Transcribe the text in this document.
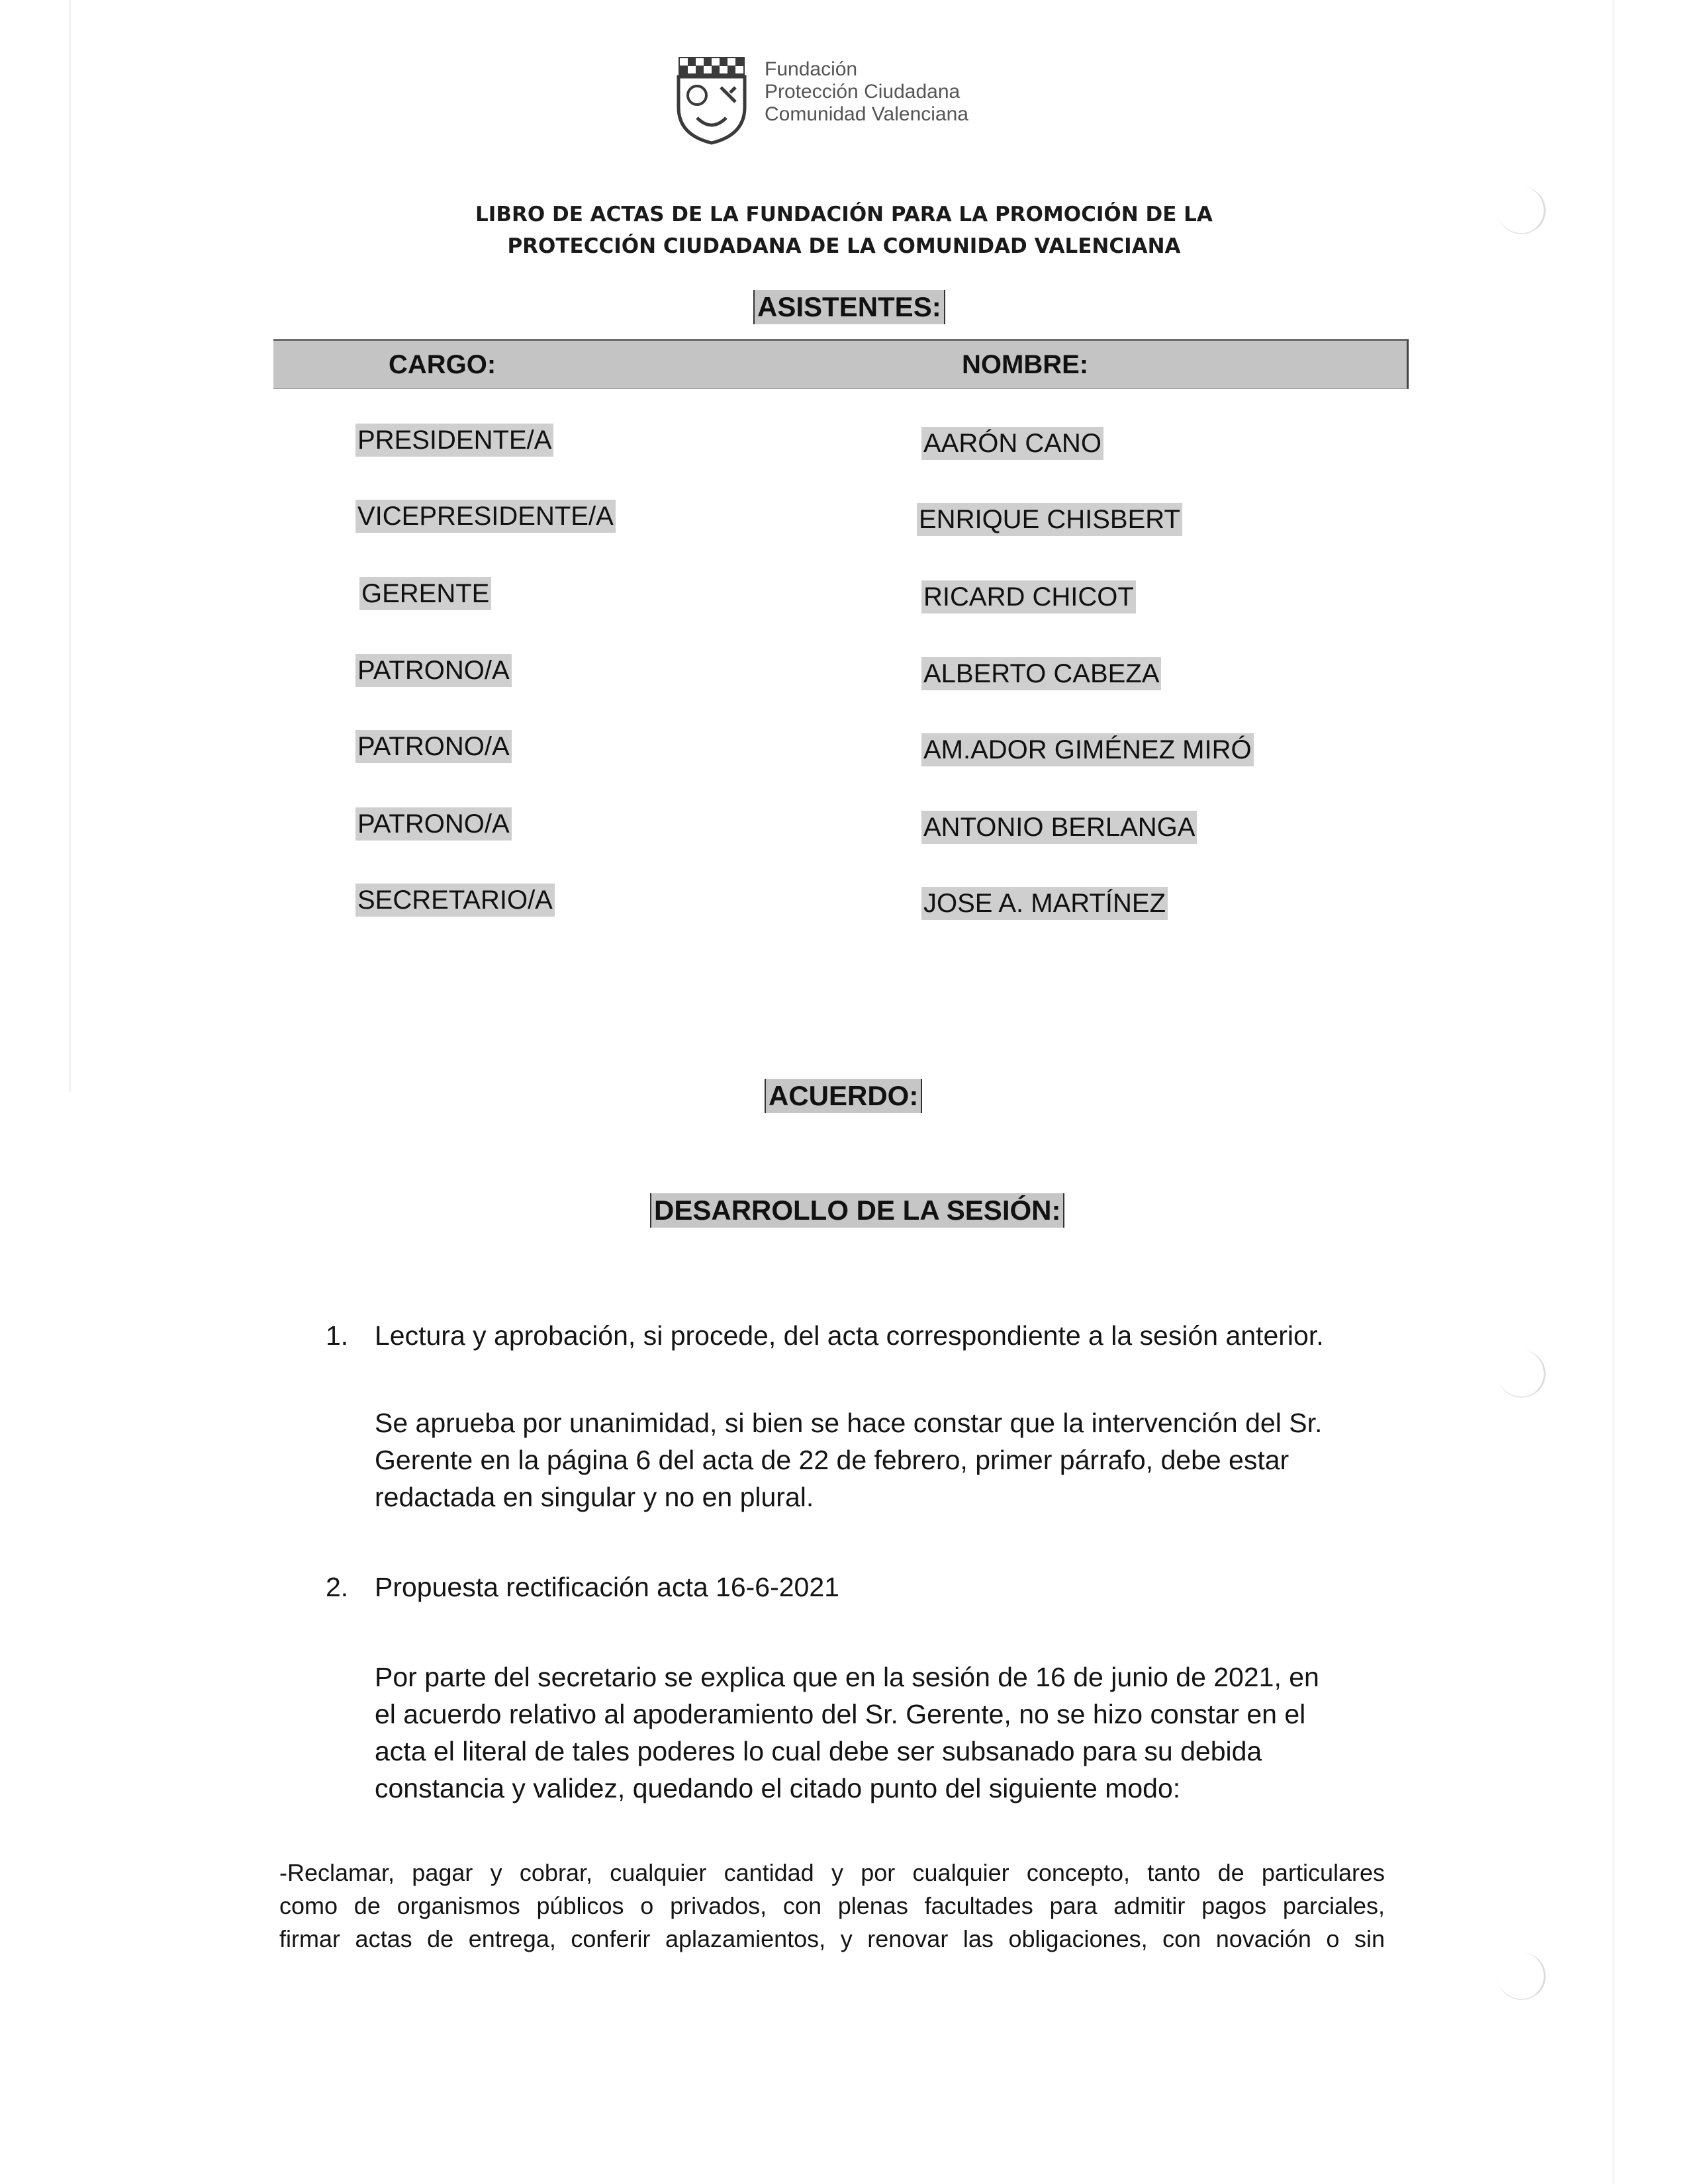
Fundación
Protección Ciudadana
Comunidad Valenciana
LIBRO DE ACTAS DE LA FUNDACIÓN PARA LA PROMOCIÓN DE LA
PROTECCIÓN CIUDADANA DE LA COMUNIDAD VALENCIANA
ASISTENTES:
CARGO:	NOMBRE:
PRESIDENTE/A	AARÓN CANO
VICEPRESIDENTE/A	ENRIQUE CHISBERT
GERENTE	RICARD CHICOT
PATRONO/A	ALBERTO CABEZA
PATRONO/A	AM.ADOR GIMÉNEZ MIRÓ
PATRONO/A	ANTONIO BERLANGA
SECRETARIO/A	JOSE A. MARTÍNEZ
ACUERDO:
DESARROLLO DE LA SESIÓN:
1. Lectura y aprobación, si procede, del acta correspondiente a la sesión anterior.
Se aprueba por unanimidad, si bien se hace constar que la intervención del Sr.
Gerente en la página 6 del acta de 22 de febrero, primer párrafo, debe estar
redactada en singular y no en plural.
2. Propuesta rectificación acta 16-6-2021
Por parte del secretario se explica que en la sesión de 16 de junio de 2021, en
el acuerdo relativo al apoderamiento del Sr. Gerente, no se hizo constar en el
acta el literal de tales poderes lo cual debe ser subsanado para su debida
constancia y validez, quedando el citado punto del siguiente modo:
-Reclamar, pagar y cobrar, cualquier cantidad y por cualquier concepto, tanto de particulares
como de organismos públicos o privados, con plenas facultades para admitir pagos parciales,
firmar actas de entrega, conferir aplazamientos, y renovar las obligaciones, con novación o sin
